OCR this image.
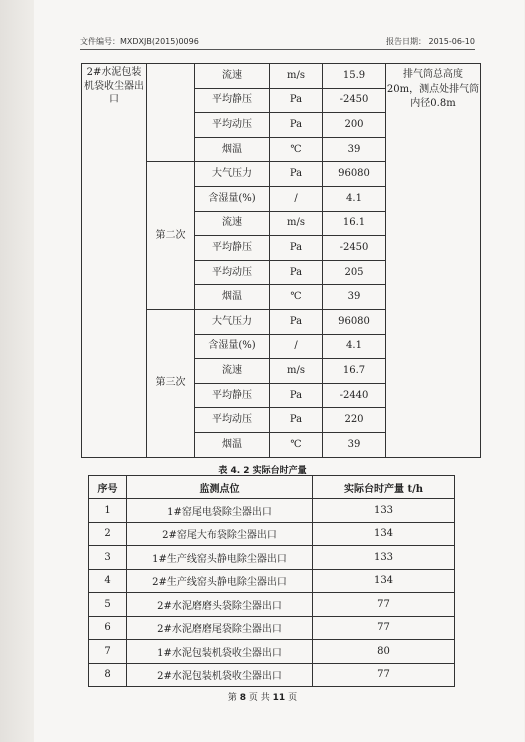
文件编号：MXDXJB(2015)0096	报告日期： 2015-06-10
2#水泥包装机袋收尘器出口		流速	m/s	15.9	排气筒总高度 20m，测点处排气筒内径0.8m
		平均静压	Pa	-2450	
		平均动压	Pa	200	
		烟温	℃	39	
	第二次	大气压力	Pa	96080	
		含湿量(%)	/	4.1	
		流速	m/s	16.1	
		平均静压	Pa	-2450	
		平均动压	Pa	205	
		烟温	℃	39	
	第三次	大气压力	Pa	96080	
		含湿量(%)	/	4.1	
		流速	m/s	16.7	
		平均静压	Pa	-2440	
		平均动压	Pa	220	
		烟温	℃	39	
表 4. 2 实际台时产量
序号	监测点位	实际台时产量 t/h
1	1#窑尾电袋除尘器出口	133
2	2#窑尾大布袋除尘器出口	134
3	1#生产线窑头静电除尘器出口	133
4	2#生产线窑头静电除尘器出口	134
5	2#水泥磨磨头袋除尘器出口	77
6	2#水泥磨磨尾袋除尘器出口	77
7	1#水泥包装机袋收尘器出口	80
8	2#水泥包装机袋收尘器出口	77
第 8 页 共 11 页
